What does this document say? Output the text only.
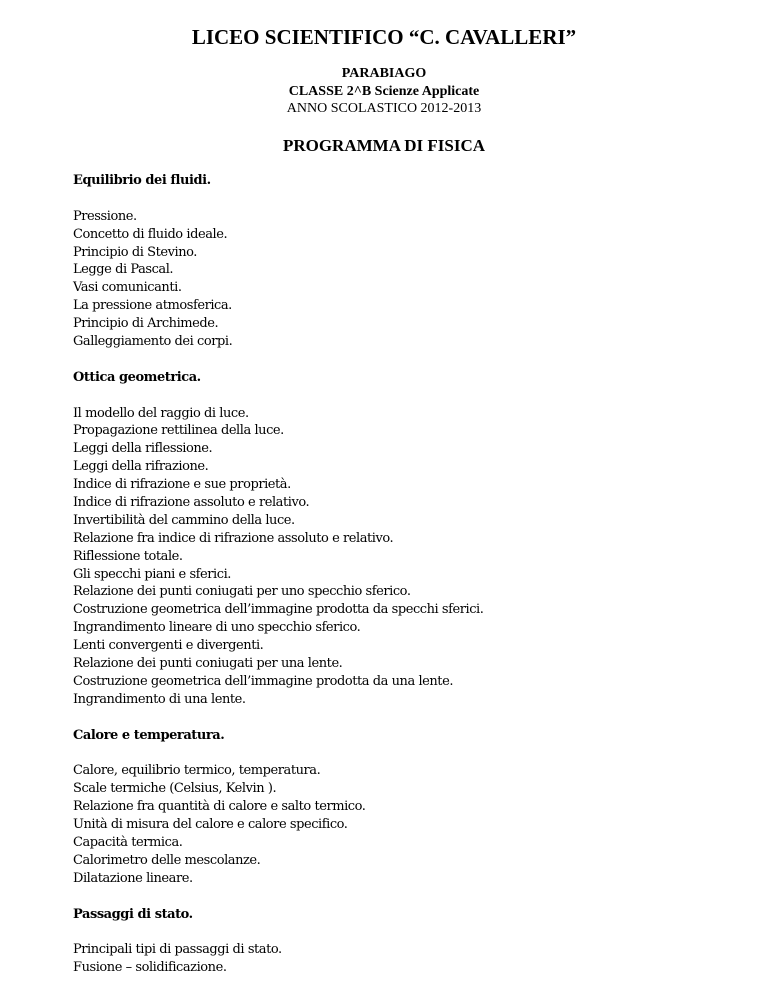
LICEO SCIENTIFICO “C. CAVALLERI”
PARABIAGO
CLASSE 2^B Scienze Applicate
ANNO SCOLASTICO 2012-2013
PROGRAMMA DI FISICA
Equilibrio dei fluidi.
Pressione.
Concetto di fluido ideale.
Principio di Stevino.
Legge di Pascal.
Vasi comunicanti.
La pressione atmosferica.
Principio di Archimede.
Galleggiamento dei corpi.
Ottica geometrica.
Il modello del raggio di luce.
Propagazione rettilinea della luce.
Leggi della riflessione.
Leggi della rifrazione.
Indice di rifrazione e sue proprietà.
Indice di rifrazione assoluto e relativo.
Invertibilità del cammino della luce.
Relazione fra indice di rifrazione assoluto e relativo.
Riflessione totale.
Gli specchi piani e sferici.
Relazione dei punti coniugati per uno specchio sferico.
Costruzione geometrica dell’immagine prodotta da specchi sferici.
Ingrandimento lineare di uno specchio sferico.
Lenti convergenti e divergenti.
Relazione dei punti coniugati per una lente.
Costruzione geometrica dell’immagine prodotta da una lente.
Ingrandimento di una lente.
Calore e temperatura.
Calore, equilibrio termico, temperatura.
Scale termiche (Celsius, Kelvin ).
Relazione fra quantità di calore e salto termico.
Unità di misura del calore e calore specifico.
Capacità termica.
Calorimetro delle mescolanze.
Dilatazione lineare.
Passaggi di stato.
Principali tipi di passaggi di stato.
Fusione – solidificazione.
